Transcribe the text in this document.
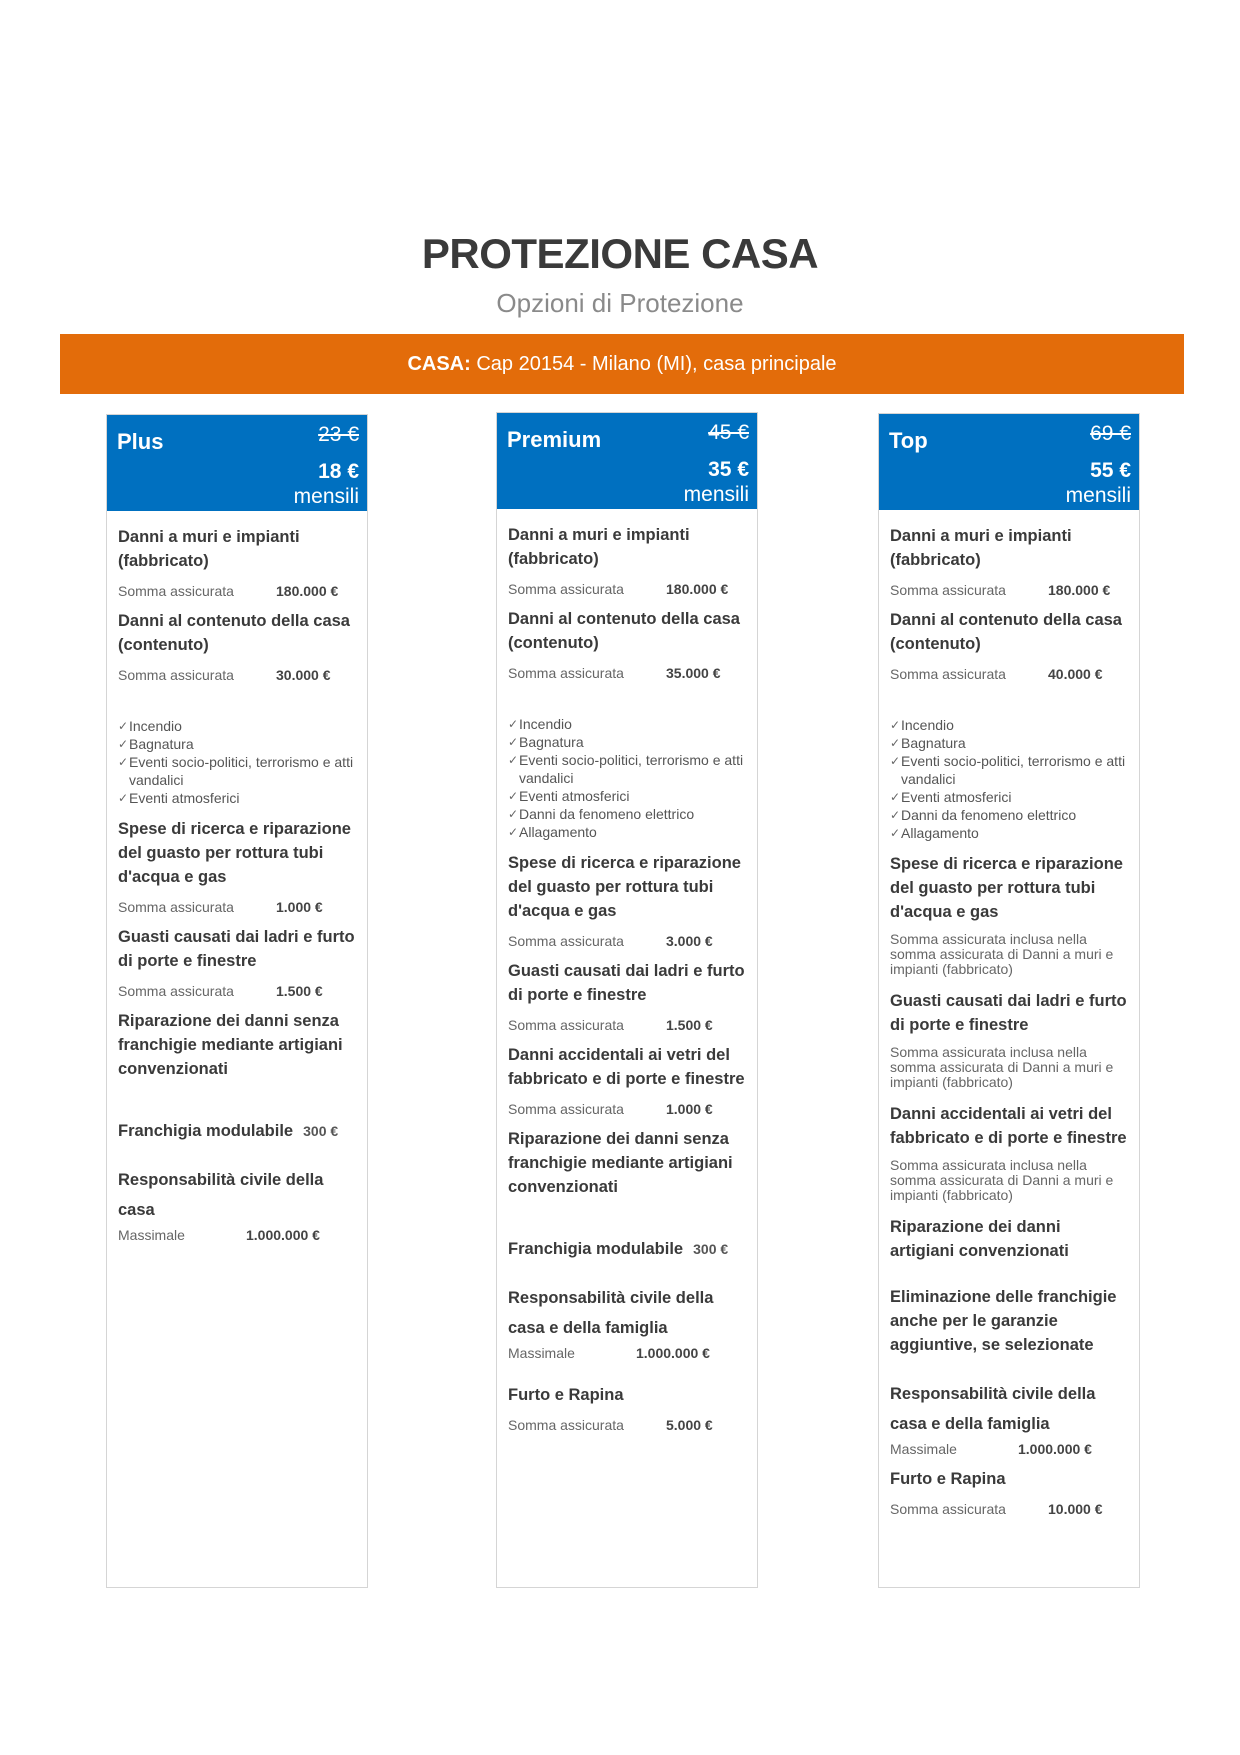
PROTEZIONE CASA
Opzioni di Protezione
CASA: Cap 20154 - Milano (MI), casa principale
Plus	23 €
18 €
mensili
Danni a muri e impianti (fabbricato)
Somma assicurata	180.000 €
Danni al contenuto della casa (contenuto)
Somma assicurata	30.000 €
✓ Incendio
✓ Bagnatura
✓ Eventi socio-politici, terrorismo e atti vandalici
✓ Eventi atmosferici
Spese di ricerca e riparazione del guasto per rottura tubi d'acqua e gas
Somma assicurata	1.000 €
Guasti causati dai ladri e furto di porte e finestre
Somma assicurata	1.500 €
Riparazione dei danni senza franchigie mediante artigiani convenzionati
Franchigia modulabile 300 €
Responsabilità civile della casa
Massimale	1.000.000 €
Premium	45 €
35 €
mensili
Danni a muri e impianti (fabbricato)
Somma assicurata	180.000 €
Danni al contenuto della casa (contenuto)
Somma assicurata	35.000 €
✓ Incendio
✓ Bagnatura
✓ Eventi socio-politici, terrorismo e atti vandalici
✓ Eventi atmosferici
✓ Danni da fenomeno elettrico
✓ Allagamento
Spese di ricerca e riparazione del guasto per rottura tubi d'acqua e gas
Somma assicurata	3.000 €
Guasti causati dai ladri e furto di porte e finestre
Somma assicurata	1.500 €
Danni accidentali ai vetri del fabbricato e di porte e finestre
Somma assicurata	1.000 €
Riparazione dei danni senza franchigie mediante artigiani convenzionati
Franchigia modulabile 300 €
Responsabilità civile della casa e della famiglia
Massimale	1.000.000 €
Furto e Rapina
Somma assicurata	5.000 €
Top	69 €
55 €
mensili
Danni a muri e impianti (fabbricato)
Somma assicurata	180.000 €
Danni al contenuto della casa (contenuto)
Somma assicurata	40.000 €
✓ Incendio
✓ Bagnatura
✓ Eventi socio-politici, terrorismo e atti vandalici
✓ Eventi atmosferici
✓ Danni da fenomeno elettrico
✓ Allagamento
Spese di ricerca e riparazione del guasto per rottura tubi d'acqua e gas
Somma assicurata inclusa nella somma assicurata di Danni a muri e impianti (fabbricato)
Guasti causati dai ladri e furto di porte e finestre
Somma assicurata inclusa nella somma assicurata di Danni a muri e impianti (fabbricato)
Danni accidentali ai vetri del fabbricato e di porte e finestre
Somma assicurata inclusa nella somma assicurata di Danni a muri e impianti (fabbricato)
Riparazione dei danni artigiani convenzionati
Eliminazione delle franchigie anche per le garanzie aggiuntive, se selezionate
Responsabilità civile della casa e della famiglia
Massimale	1.000.000 €
Furto e Rapina
Somma assicurata	10.000 €
